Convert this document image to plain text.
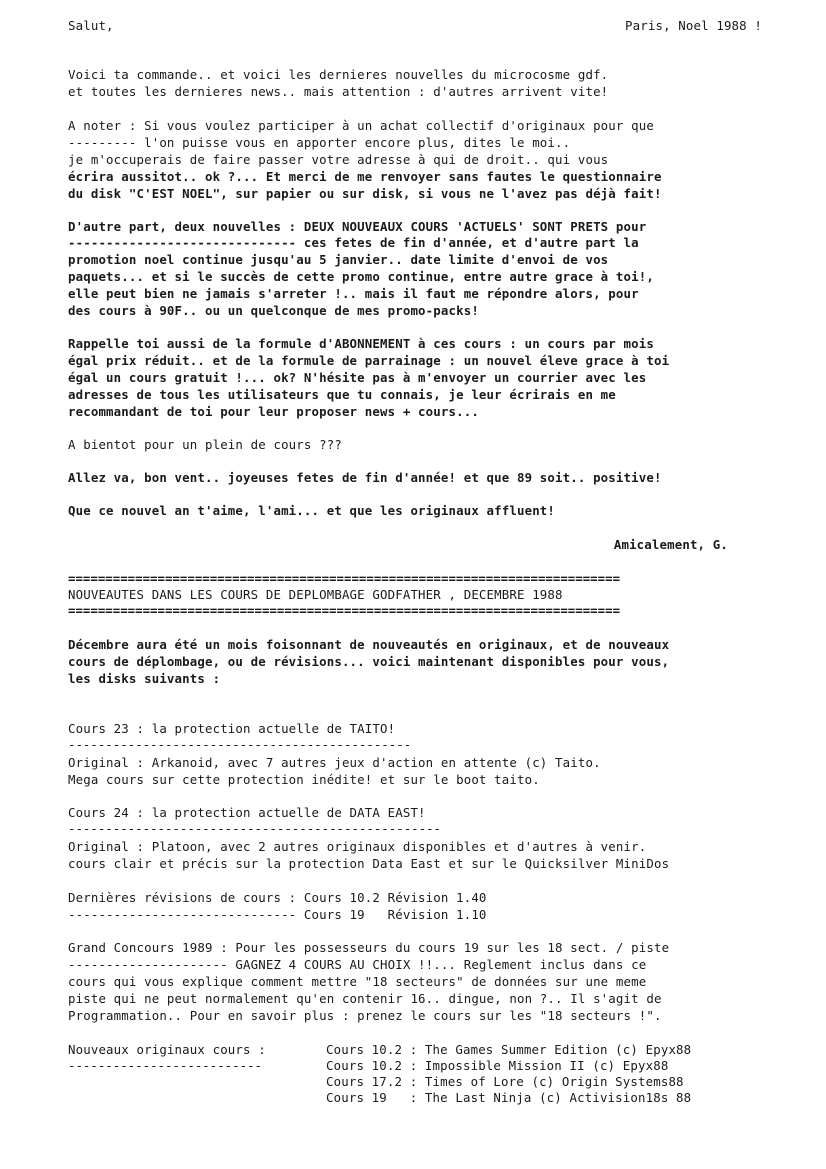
Salut,	Paris, Noel 1988 !
Voici ta commande.. et voici les dernieres nouvelles du microcosme gdf.
et toutes les dernieres news.. mais attention : d'autres arrivent vite!
A noter : Si vous voulez participer à un achat collectif d'originaux pour que
--------- l'on puisse vous en apporter encore plus, dites le moi..
je m'occuperais de faire passer votre adresse à qui de droit.. qui vous
écrira aussitot.. ok ?... Et merci de me renvoyer sans fautes le questionnaire
du disk "C'EST NOEL", sur papier ou sur disk, si vous ne l'avez pas déjà fait!
D'autre part, deux nouvelles : DEUX NOUVEAUX COURS 'ACTUELS' SONT PRETS pour
------------------------------ ces fetes de fin d'année, et d'autre part la
promotion noel continue jusqu'au 5 janvier.. date limite d'envoi de vos
paquets... et si le succès de cette promo continue, entre autre grace à toi!,
elle peut bien ne jamais s'arreter !.. mais il faut me répondre alors, pour
des cours à 90F.. ou un quelconque de mes promo-packs!
Rappelle toi aussi de la formule d'ABONNEMENT à ces cours : un cours par mois
égal prix réduit.. et de la formule de parrainage : un nouvel éleve grace à toi
égal un cours gratuit !... ok? N'hésite pas à m'envoyer un courrier avec les
adresses de tous les utilisateurs que tu connais, je leur écrirais en me
recommandant de toi pour leur proposer news + cours...
A bientot pour un plein de cours ???
Allez va, bon vent.. joyeuses fetes de fin d'année! et que 89 soit.. positive!
Que ce nouvel an t'aime, l'ami... et que les originaux affluent!
Amicalement, G.
==========================================================================
NOUVEAUTES DANS LES COURS DE DEPLOMBAGE GODFATHER , DECEMBRE 1988
==========================================================================
Décembre aura été un mois foisonnant de nouveautés en originaux, et de nouveaux
cours de déplombage, ou de révisions... voici maintenant disponibles pour vous,
les disks suivants :
Cours 23 : la protection actuelle de TAITO!
----------------------------------------------
Original : Arkanoid, avec 7 autres jeux d'action en attente (c) Taito.
Mega cours sur cette protection inédite! et sur le boot taito.
Cours 24 : la protection actuelle de DATA EAST!
--------------------------------------------------
Original : Platoon, avec 2 autres originaux disponibles et d'autres à venir.
cours clair et précis sur la protection Data East et sur le Quicksilver MiniDos
Dernières révisions de cours : Cours 10.2 Révision 1.40
------------------------------ Cours 19   Révision 1.10
Grand Concours 1989 : Pour les possesseurs du cours 19 sur les 18 sect. / piste
--------------------- GAGNEZ 4 COURS AU CHOIX !!... Reglement inclus dans ce
cours qui vous explique comment mettre "18 secteurs" de données sur une meme
piste qui ne peut normalement qu'en contenir 16.. dingue, non ?.. Il s'agit de
Programmation.. Pour en savoir plus : prenez le cours sur les "18 secteurs !".
Nouveaux originaux cours :
--------------------------
Cours 10.2 : The Games Summer Edition (c) Epyx88
Cours 10.2 : Impossible Mission II (c) Epyx88
Cours 17.2 : Times of Lore (c) Origin Systems88
Cours 19   : The Last Ninja (c) Activision18s 88
